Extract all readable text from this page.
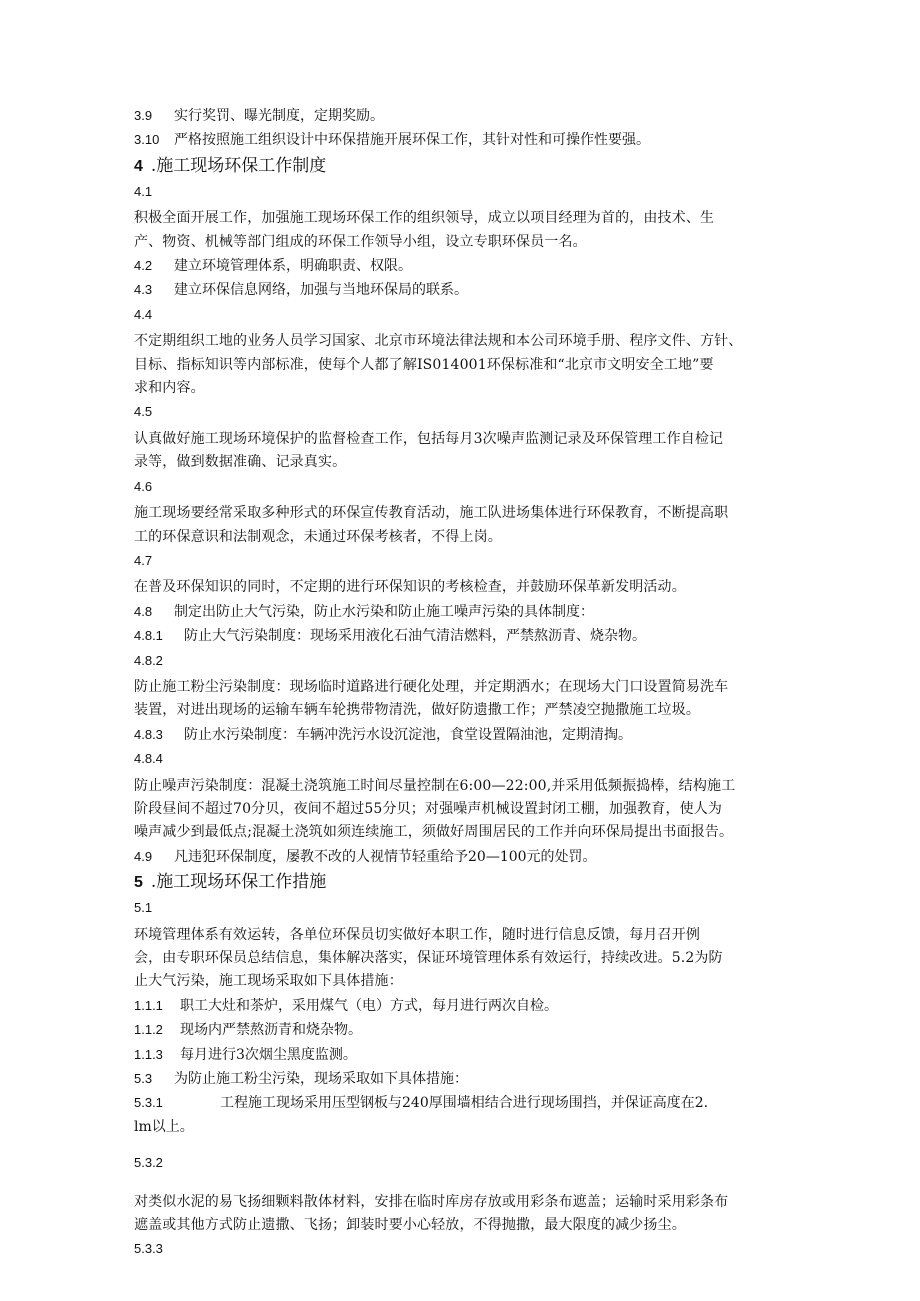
3.9 实行奖罚、曝光制度，定期奖励。
3.10 严格按照施工组织设计中环保措施开展环保工作，其针对性和可操作性要强。
4 .施工现场环保工作制度
4.1
积极全面开展工作，加强施工现场环保工作的组织领导，成立以项目经理为首的，由技术、生
产、物资、机械等部门组成的环保工作领导小组，设立专职环保员一名。
4.2 建立环境管理体系，明确职责、权限。
4.3 建立环保信息网络，加强与当地环保局的联系。
4.4
不定期组织工地的业务人员学习国家、北京市环境法律法规和本公司环境手册、程序文件、方针、
目标、指标知识等内部标准，使每个人都了解IS014001环保标准和“北京市文明安全工地”要
求和内容。
4.5
认真做好施工现场环境保护的监督检查工作，包括每月3次噪声监测记录及环保管理工作自检记
录等，做到数据准确、记录真实。
4.6
施工现场要经常采取多种形式的环保宣传教育活动，施工队进场集体进行环保教育，不断提高职
工的环保意识和法制观念，未通过环保考核者，不得上岗。
4.7
在普及环保知识的同时，不定期的进行环保知识的考核检查，并鼓励环保革新发明活动。
4.8 制定出防止大气污染，防止水污染和防止施工噪声污染的具体制度：
4.8.1 防止大气污染制度：现场采用液化石油气清洁燃料，严禁熬沥青、烧杂物。
4.8.2
防止施工粉尘污染制度：现场临时道路进行硬化处理，并定期洒水；在现场大门口设置简易洗车
装置，对进出现场的运输车辆车轮携带物清洗，做好防遗撒工作；严禁凌空抛撒施工垃圾。
4.8.3 防止水污染制度：车辆冲洗污水设沉淀池，食堂设置隔油池，定期清掏。
4.8.4
防止噪声污染制度：混凝土浇筑施工时间尽量控制在6:00—22:00,并采用低频振捣棒，结构施工
阶段昼间不超过70分贝，夜间不超过55分贝；对强噪声机械设置封闭工棚，加强教育，使人为
噪声减少到最低点;混凝土浇筑如须连续施工，须做好周围居民的工作并向环保局提出书面报告。
4.9 凡违犯环保制度，屡教不改的人视情节轻重给予20—100元的处罚。
5 .施工现场环保工作措施
5.1
环境管理体系有效运转，各单位环保员切实做好本职工作，随时进行信息反馈，每月召开例
会，由专职环保员总结信息，集体解决落实，保证环境管理体系有效运行，持续改进。5.2为防
止大气污染，施工现场采取如下具体措施：
1.1.1 职工大灶和茶炉，采用煤气（电）方式，每月进行两次自检。
1.1.2 现场内严禁熬沥青和烧杂物。
1.1.3 每月进行3次烟尘黑度监测。
5.3 为防止施工粉尘污染，现场采取如下具体措施：
5.3.1	工程施工现场采用压型钢板与240厚围墙相结合进行现场围挡，并保证高度在2.
lm以上。
5.3.2
对类似水泥的易飞扬细颗料散体材料，安排在临时库房存放或用彩条布遮盖；运输时采用彩条布
遮盖或其他方式防止遗撒、飞扬；卸装时要小心轻放，不得抛撒，最大限度的减少扬尘。
5.3.3
